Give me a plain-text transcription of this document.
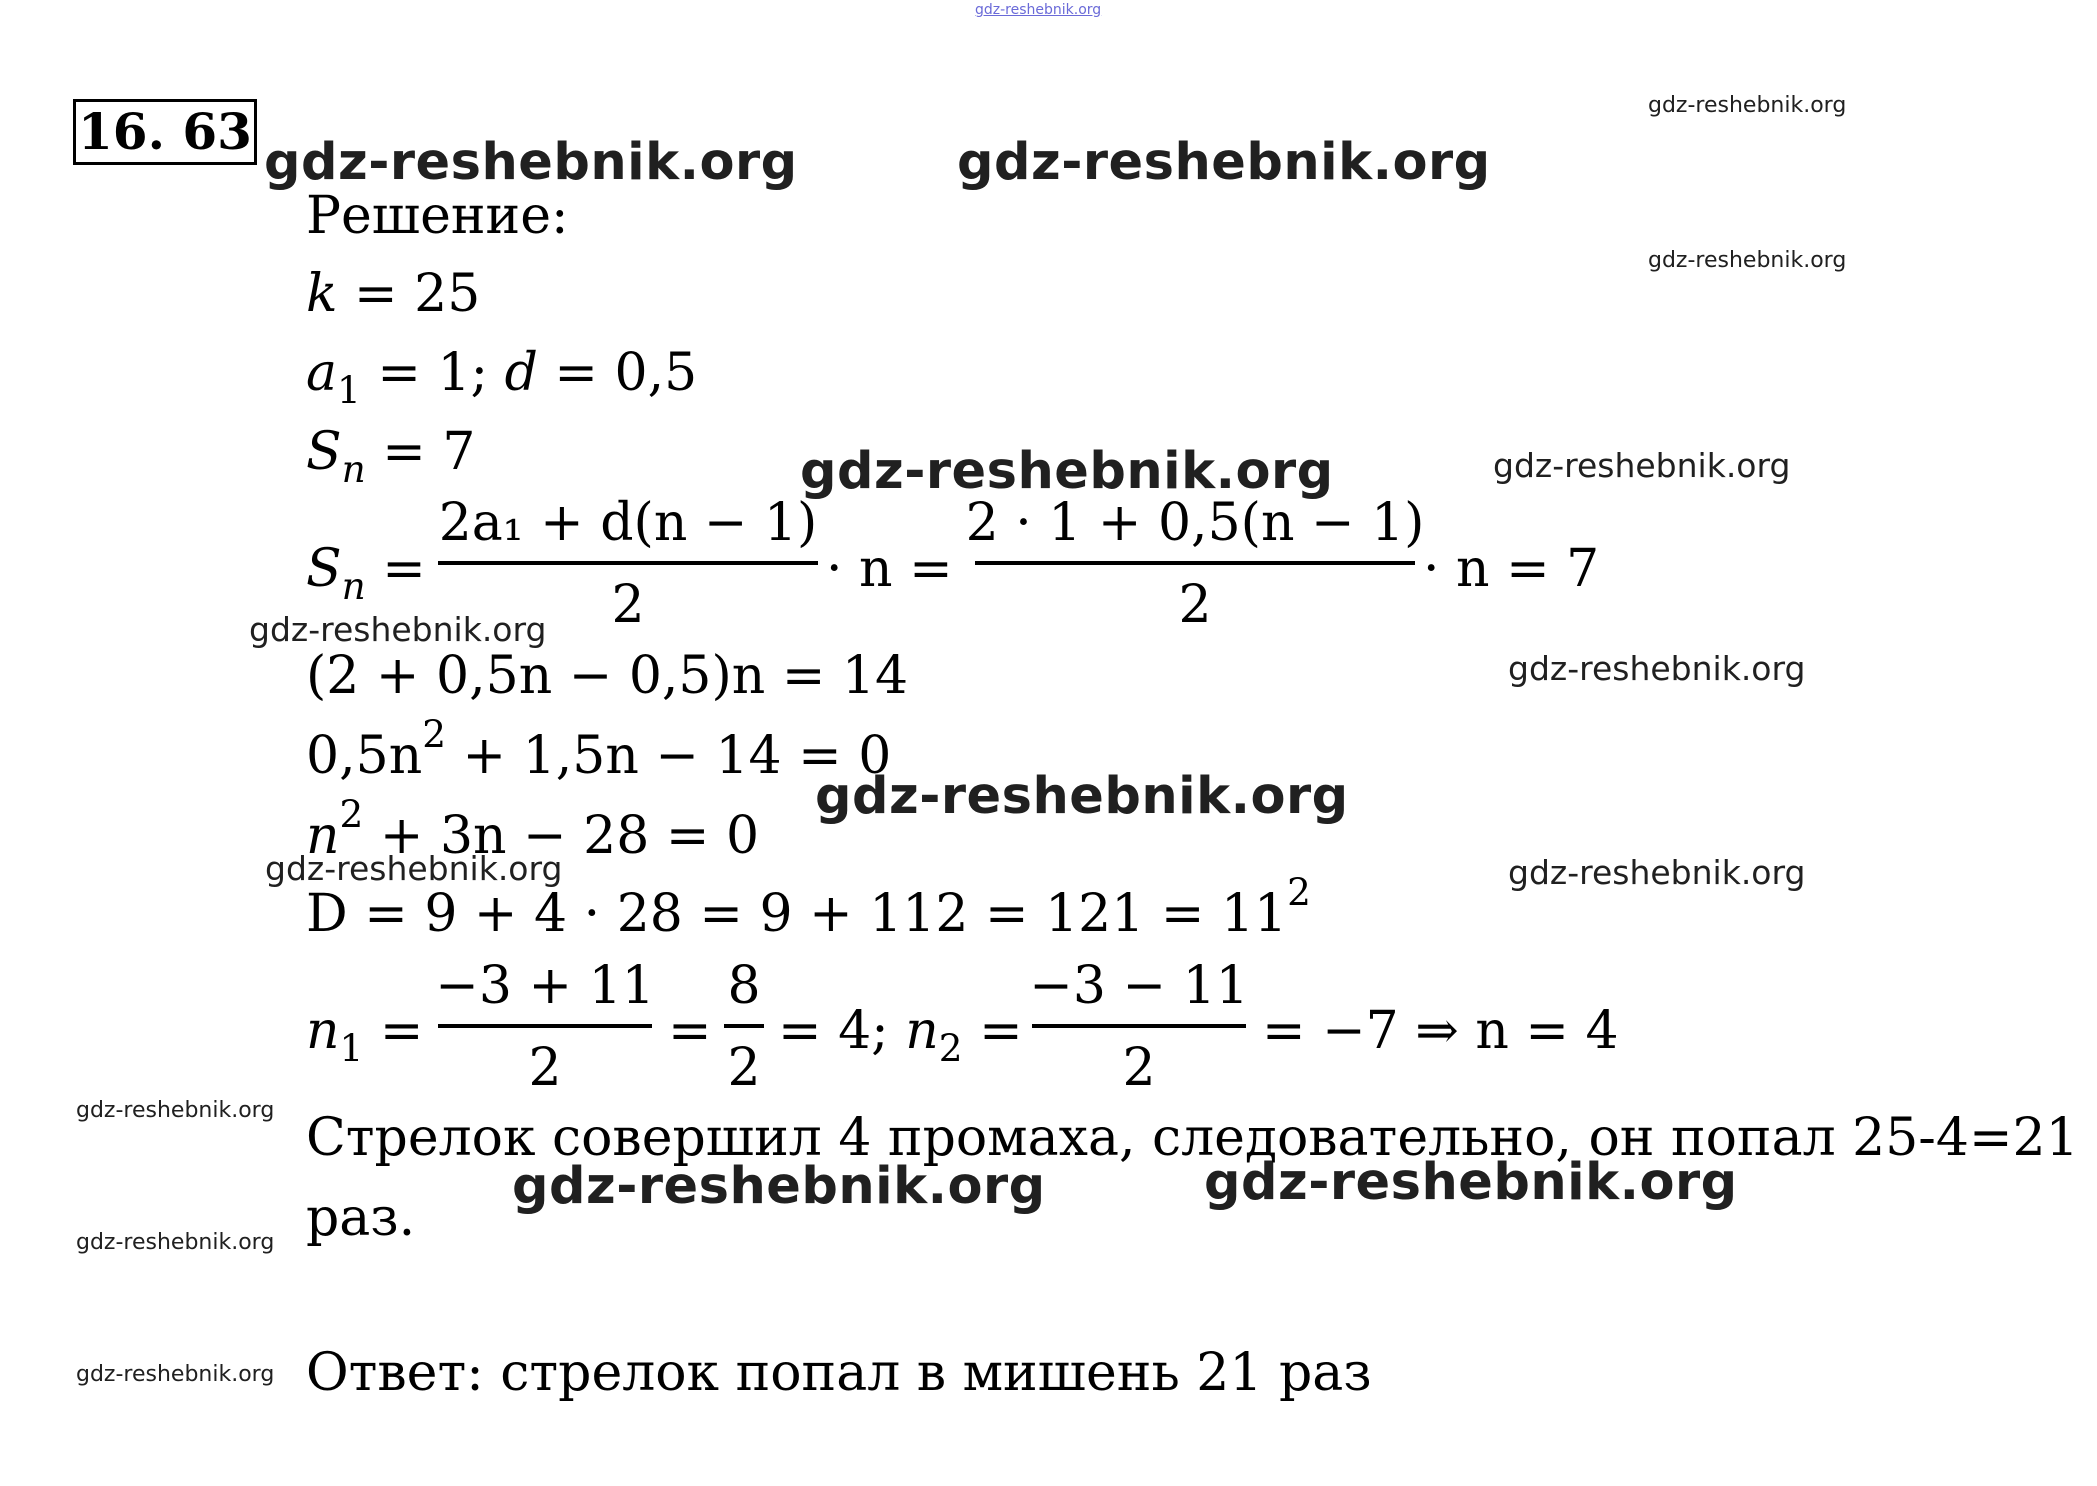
gdz-reshebnik.org
gdz-reshebnik.org
gdz-reshebnik.org	gdz-reshebnik.org
gdz-reshebnik.org
gdz-reshebnik.org	gdz-reshebnik.org
gdz-reshebnik.org
gdz-reshebnik.org
gdz-reshebnik.org
gdz-reshebnik.org	gdz-reshebnik.org
gdz-reshebnik.org
gdz-reshebnik.org	gdz-reshebnik.org
gdz-reshebnik.org
gdz-reshebnik.org
16. 63
Решение:
k = 25
$a_1 = 1$; d = 0,5
$S_n = 7$
$S_n$ =
2a₁ + d(n − 1)
2
· n =
2 · 1 + 0,5(n − 1)
2
· n = 7
(2 + 0,5n − 0,5)n = 14
$0,5n^2 + 1,5n - 14 = 0$
$n^2 + 3n - 28 = 0$
$D = 9 + 4 \cdot 28 = 9 + 112 = 121 = 11^2$
$n_1$ =
−3 + 11
2
=
8
2
= 4; $n_2$ =
−3 − 11
2
= −7 ⇒ n = 4
Стрелок совершил 4 промаха, следовательно, он попал 25-4=21
раз.
Ответ: стрелок попал в мишень 21 раз
